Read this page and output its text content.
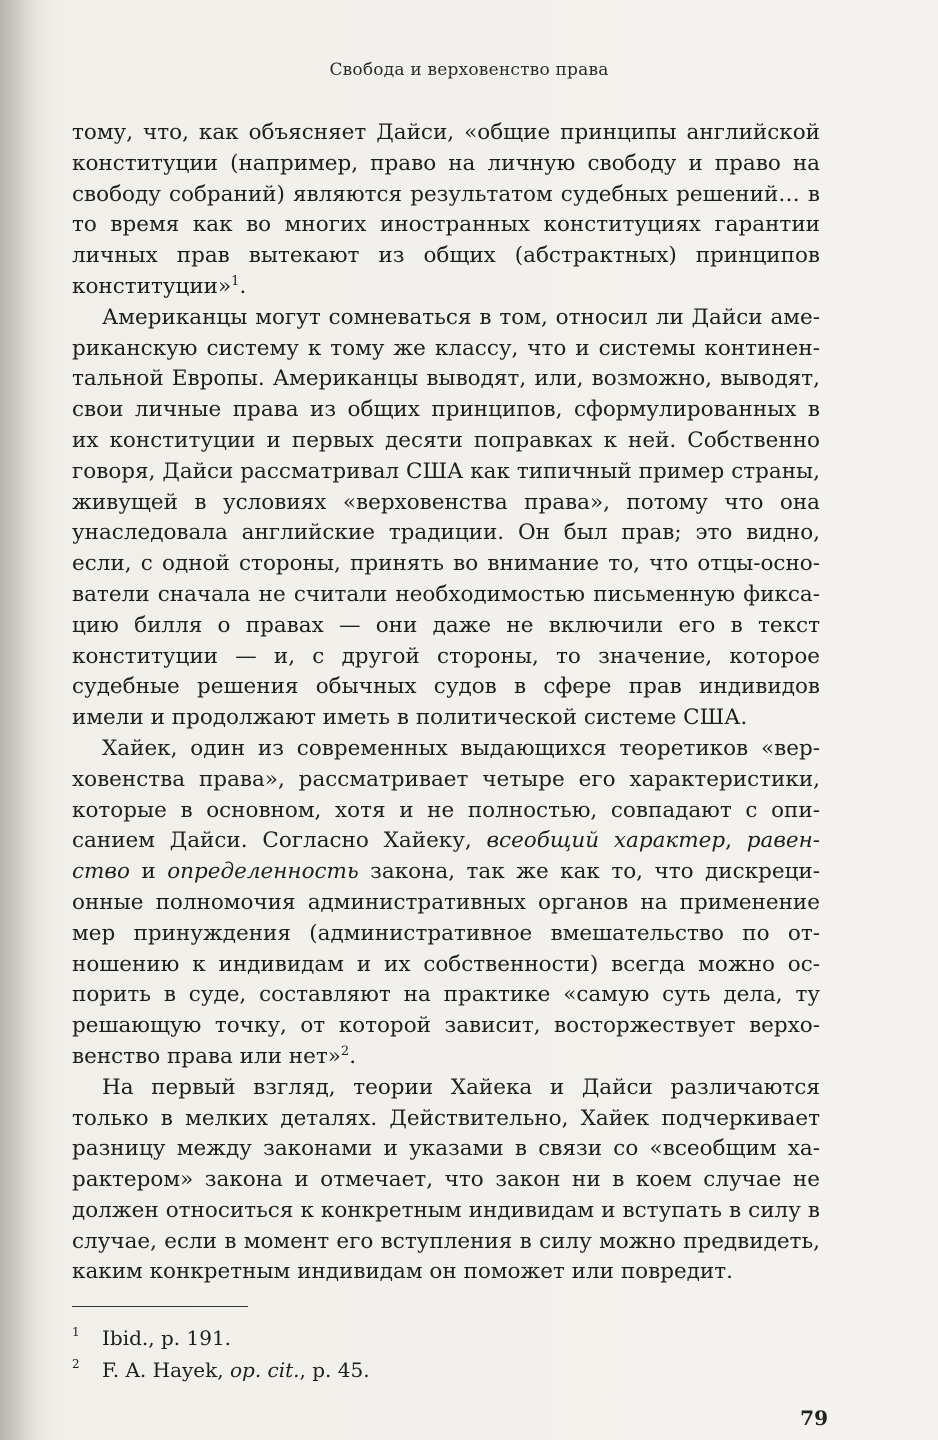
Свобода и верховенство права

тому, что, как объясняет Дайси, «общие принципы английской конституции (например, право на личную свободу и право на свободу собраний) являются результатом судебных решений… в то время как во многих иностранных конституциях гарантии личных прав вытекают из общих (абстрактных) принципов конституции»$^1$.

Американцы могут сомневаться в том, относил ли Дайси американскую систему к тому же классу, что и системы континентальной Европы. Американцы выводят, или, возможно, выводят, свои личные права из общих принципов, сформулированных в их конституции и первых десяти поправках к ней. Собственно говоря, Дайси рассматривал США как типичный пример страны, живущей в условиях «верховенства права», потому что она унаследовала английские традиции. Он был прав; это видно, если, с одной стороны, принять во внимание то, что отцы-основатели сначала не считали необходимостью письменную фиксацию билля о правах — они даже не включили его в текст конституции — и, с другой стороны, то значение, которое судебные решения обычных судов в сфере прав индивидов имели и продолжают иметь в политической системе США.

Хайек, один из современных выдающихся теоретиков «верховенства права», рассматривает четыре его характеристики, которые в основном, хотя и не полностью, совпадают с описанием Дайси. Согласно Хайеку, всеобщий характер, равенство и определенность закона, так же как то, что дискреционные полномочия административных органов на применение мер принуждения (административное вмешательство по отношению к индивидам и их собственности) всегда можно оспорить в суде, составляют на практике «самую суть дела, ту решающую точку, от которой зависит, восторжествует верховенство права или нет»$^2$.

На первый взгляд, теории Хайека и Дайси различаются только в мелких деталях. Действительно, Хайек подчеркивает разницу между законами и указами в связи со «всеобщим характером» закона и отмечает, что закон ни в коем случае не должен относиться к конкретным индивидам и вступать в силу в случае, если в момент его вступления в силу можно предвидеть, каким конкретным индивидам он поможет или повредит.

1 Ibid., p. 191.
2 F. A. Hayek, op. cit., p. 45.
79
